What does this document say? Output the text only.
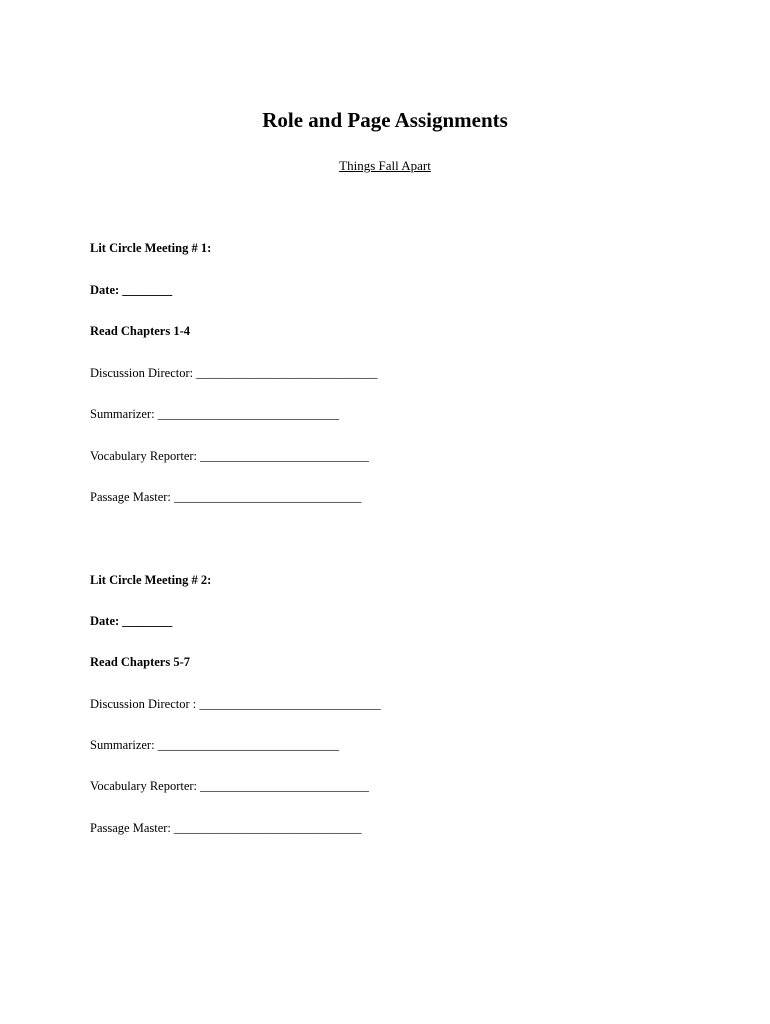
Role and Page Assignments
Things Fall Apart
Lit Circle Meeting # 1:
Date: ________
Read Chapters 1-4
Discussion Director: _____________________________
Summarizer: _____________________________
Vocabulary Reporter: ___________________________
Passage Master: ______________________________
Lit Circle Meeting # 2:
Date: ________
Read Chapters 5-7
Discussion Director : _____________________________
Summarizer: _____________________________
Vocabulary Reporter: ___________________________
Passage Master: ______________________________
